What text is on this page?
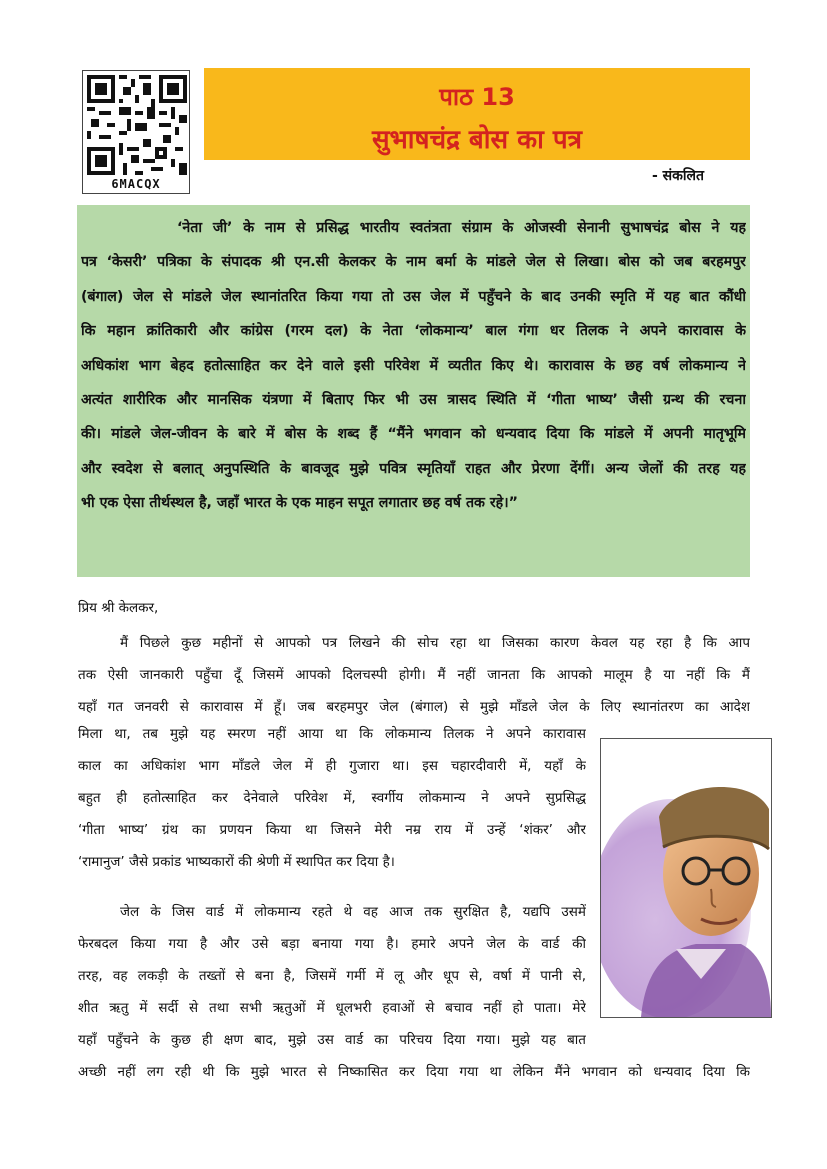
6MACQX
पाठ 13
सुभाषचंद्र बोस का पत्र
- संकलित
‘नेता जी’ के नाम से प्रसिद्ध भारतीय स्वतंत्रता संग्राम के ओजस्वी सेनानी सुभाषचंद्र बोस ने यह
पत्र ‘केसरी’ पत्रिका के संपादक श्री एन.सी केलकर के नाम बर्मा के मांडले जेल से लिखा। बोस को जब बरहमपुर
(बंगाल) जेल से मांडले जेल स्थानांतरित किया गया तो उस जेल में पहुँचने के बाद उनकी स्मृति में यह बात कौंधी
कि महान क्रांतिकारी और कांग्रेस (गरम दल) के नेता ‘लोकमान्य’ बाल गंगा धर तिलक ने अपने कारावास के
अधिकांश भाग बेहद हतोत्साहित कर देने वाले इसी परिवेश में व्यतीत किए थे। कारावास के छह वर्ष लोकमान्य ने
अत्यंत शारीरिक और मानसिक यंत्रणा में बिताए फिर भी उस त्रासद स्थिति में ‘गीता भाष्य’ जैसी ग्रन्थ की रचना
की। मांडले जेल-जीवन के बारे में बोस के शब्द हैं “मैंने भगवान को धन्यवाद दिया कि मांडले में अपनी मातृभूमि
और स्वदेश से बलात् अनुपस्थिति के बावजूद मुझे पवित्र स्मृतियाँ राहत और प्रेरणा देंगीं। अन्य जेलों की तरह यह
भी एक ऐसा तीर्थस्थल है, जहाँ भारत के एक माहन सपूत लगातार छह वर्ष तक रहे।”
प्रिय श्री केलकर,
मैं पिछले कुछ महीनों से आपको पत्र लिखने की सोच रहा था जिसका कारण केवल यह रहा है कि आप
तक ऐसी जानकारी पहुँचा दूँ जिसमें आपको दिलचस्पी होगी। मैं नहीं जानता कि आपको मालूम है या नहीं कि मैं
यहाँ गत जनवरी से कारावास में हूँ। जब बरहमपुर जेल (बंगाल) से मुझे माँडले जेल के लिए स्थानांतरण का आदेश
मिला था, तब मुझे यह स्मरण नहीं आया था कि लोकमान्य तिलक ने अपने कारावास
काल का अधिकांश भाग माँडले जेल में ही गुजारा था। इस चहारदीवारी में, यहाँ के
बहुत ही हतोत्साहित कर देनेवाले परिवेश में, स्वर्गीय लोकमान्य ने अपने सुप्रसिद्ध
‘गीता भाष्य’ ग्रंथ का प्रणयन किया था जिसने मेरी नम्र राय में उन्हें ‘शंकर’ और
‘रामानुज’ जैसे प्रकांड भाष्यकारों की श्रेणी में स्थापित कर दिया है।
जेल के जिस वार्ड में लोकमान्य रहते थे वह आज तक सुरक्षित है, यद्यपि उसमें
फेरबदल किया गया है और उसे बड़ा बनाया गया है। हमारे अपने जेल के वार्ड की
तरह, वह लकड़ी के तख्तों से बना है, जिसमें गर्मी में लू और धूप से, वर्षा में पानी से,
शीत ऋतु में सर्दी से तथा सभी ऋतुओं में धूलभरी हवाओं से बचाव नहीं हो पाता। मेरे
यहाँ पहुँचने के कुछ ही क्षण बाद, मुझे उस वार्ड का परिचय दिया गया। मुझे यह बात
अच्छी नहीं लग रही थी कि मुझे भारत से निष्कासित कर दिया गया था लेकिन मैंने भगवान को धन्यवाद दिया कि
